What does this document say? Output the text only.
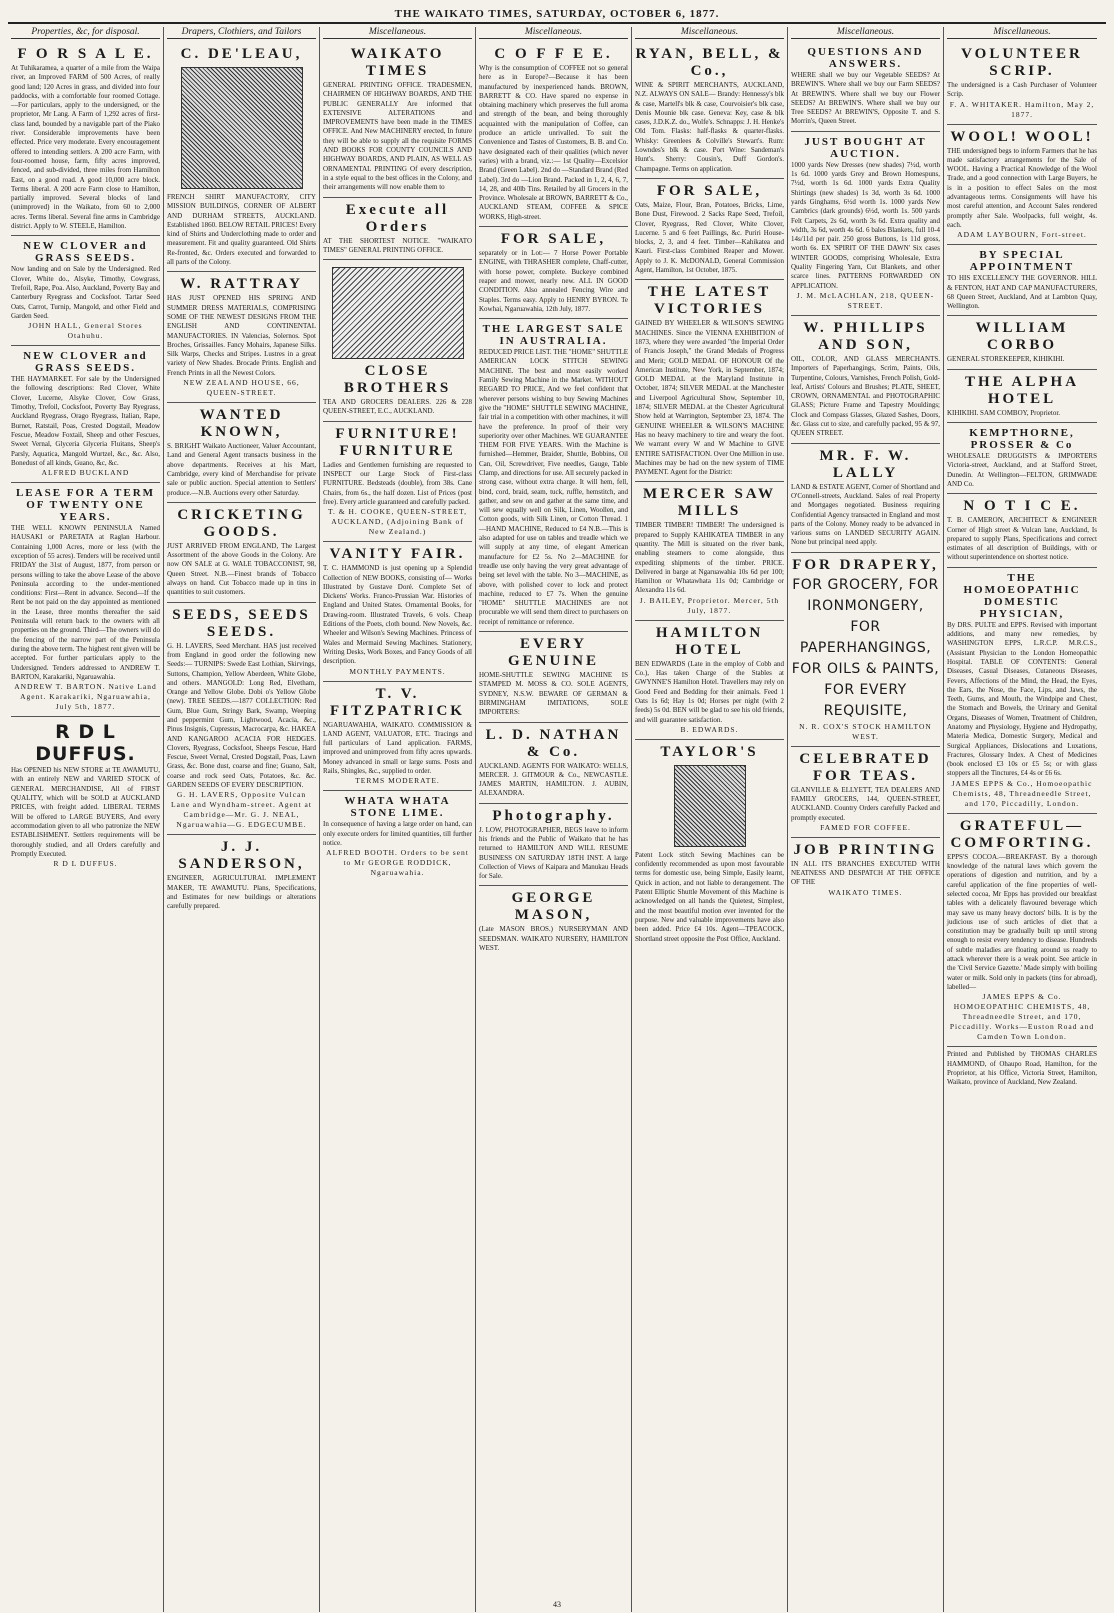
THE WAIKATO TIMES, SATURDAY, OCTOBER 6, 1877.
Properties, &c, for disposal.
F O R S A L E.
At Tuhikaramea, a quarter of a mile from the Waipa river, an Improved FARM of 500 Acres, of really good land; 120 Acres in grass, and divided into four paddocks, with a comfortable four roomed Cottage.—For particulars, apply to the undersigned, or the proprietor, Mr Lang. A Farm of 1,292 acres of first-class land, bounded by a navigable part of the Piako river. Considerable improvements have been effected. Price very moderate. Every encouragement offered to intending settlers. A 200 acre Farm, with four-roomed house, farm, fifty acres improved, fenced, and sub-divided, three miles from Hamilton East, on a good road. A good 10,000 acre block. Terms liberal. A 200 acre Farm close to Hamilton, partially improved. Several blocks of land (unimproved) in the Waikato, from 60 to 2,000 acres. Terms liberal. Several fine arms in Cambridge district. Apply to W. STEELE, Hamilton.
NEW CLOVER and GRASS SEEDS.
Now landing and on Sale by the Undersigned. Red Clover, White do., Alsyke, Timothy, Cowgrass, Trefoil, Rape, Poa. Also, Auckland, Poverty Bay and Canterbury Ryegrass and Cocksfoot. Tartar Seed Oats, Carrot, Turnip, Mangold, and other Field and Garden Seed.
JOHN HALL, General Stores Otahuhu.
NEW CLOVER and GRASS SEEDS.
THE HAYMARKET. For sale by the Undersigned the following descriptions: Red Clover, White Clover, Lucerne, Alsyke Clover, Cow Grass, Timothy, Trefoil, Cocksfoot, Poverty Bay Ryegrass, Auckland Ryegrass, Orago Ryegrass, Italian, Rape, Burnet, Ratstail, Poas, Crested Dogstail, Meadow Fescue, Meadow Foxtail, Sheep and other Fescues, Sweet Vernal, Glyceria Glyceria Fluitans, Sheep's Parsly, Aquatica, Mangold Wurtzel, &c., &c. Also, Bonedust of all kinds, Guano, &c, &c.
ALFRED BUCKLAND
LEASE FOR A TERM OF TWENTY ONE YEARS.
THE WELL KNOWN PENINSULA Named HAUSAKI or PARETATA at Raglan Harbour. Containing 1,000 Acres, more or less (with the exception of 55 acres). Tenders will be received until FRIDAY the 31st of August, 1877, from person or persons willing to take the above Lease of the above Peninsula according to the under-mentioned conditions: First—Rent in advance. Second—If the Rent be not paid on the day appointed as mentioned in the Lease, three months thereafter the said Peninsula will return back to the owners with all properties on the ground. Third—The owners will do the fencing of the narrow part of the Peninsula during the above term. The highest rent given will be accepted. For further particulars apply to the Undersigned. Tenders addressed to ANDREW T. BARTON, Karakariki, Ngaruawahia.
ANDREW T. BARTON. Native Land Agent. Karakariki, Ngaruawahia, July 5th, 1877.
R D L DUFFUS.
Has OPENED his NEW STORE at TE AWAMUTU, with an entirely NEW and VARIED STOCK of GENERAL MERCHANDISE, All of FIRST QUALITY, which will be SOLD at AUCKLAND PRICES, with freight added. LIBERAL TERMS Will be offered to LARGE BUYERS, And every accommodation given to all who patronize the NEW ESTABLISHMENT. Settlers requirements will be thoroughly studied, and all Orders carefully and Promptly Executed.
R D L DUFFUS.
Drapers, Clothiers, and Tailors
C. DE'LEAU,
FRENCH SHIRT MANUFACTORY, CITY MISSION BUILDINGS, CORNER OF ALBERT AND DURHAM STREETS, AUCKLAND. Established 1860. BELOW RETAIL PRICES! Every kind of Shirts and Underclothing made to order and measurement. Fit and quality guaranteed. Old Shirts Re-fronted, &c. Orders executed and forwarded to all parts of the Colony.
W. RATTRAY
HAS JUST OPENED HIS SPRING AND SUMMER DRESS MATERIALS, COMPRISING SOME OF THE NEWEST DESIGNS FROM THE ENGLISH AND CONTINENTAL MANUFACTORIES. IN Valencias, Solernos. Spot Broches, Grissailles. Fancy Mohairs, Japanese Silks. Silk Warps, Checks and Stripes. Lustres in a great variety of New Shades. Brocade Prints. English and French Prints in all the Newest Colors.
NEW ZEALAND HOUSE, 66, QUEEN-STREET.
WANTED KNOWN,
S. BRIGHT Waikato Auctioneer, Valuer Accountant, Land and General Agent transacts business in the above departments. Receives at his Mart, Cambridge, every kind of Merchandise for private sale or public auction. Special attention to Settlers' produce.—N.B. Auctions every other Saturday.
CRICKETING GOODS.
JUST ARRIVED FROM ENGLAND, The Largest Assortment of the above Goods in the Colony. Are now ON SALE at G. WALE TOBACCONIST, 98, Queen Street. N.B.—Finest brands of Tobacco always on hand. Cut Tobacco made up in tins in quantities to suit customers.
SEEDS, SEEDS SEEDS.
G. H. LAVERS, Seed Merchant. HAS just received from England in good order the following new Seeds:— TURNIPS: Swede East Lothian, Skirvings, Suttons, Champion, Yellow Aberdeen, White Globe, and others. MANGOLD: Long Red, Elvetham, Orange and Yellow Globe. Dobi o's Yellow Globe (new). TREE SEEDS.—1877 COLLECTION: Red Gum, Blue Gum, Stringy Bark, Swamp, Weeping and peppermint Gum, Lightwood, Acacia, &c., Pinus Insignis, Cupressus, Macrocarpa, &c. HAKEA AND KANGAROO ACACIA FOR HEDGES. Clovers, Ryegrass, Cocksfoot, Sheeps Fescue, Hard Fescue, Sweet Vernal, Crested Dogstail, Poas, Lawn Grass, &c. Bone dust, coarse and fine; Guano, Salt, coarse and rock seed Oats, Potatoes, &c. &c. GARDEN SEEDS OF EVERY DESCRIPTION.
G. H. LAVERS, Opposite Vulcan Lane and Wyndham-street. Agent at Cambridge—Mr. G. J. NEAL, Ngaruawahia—G. EDGECUMBE.
J. J. SANDERSON,
ENGINEER, AGRICULTURAL IMPLEMENT MAKER, TE AWAMUTU. Plans, Specifications, and Estimates for new buildings or alterations carefully prepared.
Miscellaneous.
WAIKATO TIMES
GENERAL PRINTING OFFICE. TRADESMEN, CHAIRMEN OF HIGHWAY BOARDS, AND THE PUBLIC GENERALLY Are informed that EXTENSIVE ALTERATIONS and IMPROVEMENTS have been made in the TIMES OFFICE. And New MACHINERY erected, In future they will be able to supply all the requisite FORMS AND BOOKS FOR COUNTY COUNCILS AND HIGHWAY BOARDS, AND PLAIN, AS WELL AS ORNAMENTAL PRINTING Of every description, in a style equal to the best offices in the Colony, and their arrangements will now enable them to
Execute all Orders
AT THE SHORTEST NOTICE. "WAIKATO TIMES" GENERAL PRINTING OFFICE.
CLOSE BROTHERS
TEA AND GROCERS DEALERS. 226 & 228 QUEEN-STREET, E.C., AUCKLAND.
FURNITURE! FURNITURE
Ladies and Gentlemen furnishing are requested to INSPECT our Large Stock of First-class FURNITURE. Bedsteads (double), from 38s. Cane Chairs, from 6s., the half dozen. List of Prices (post free). Every article guaranteed and carefully packed.
T. & H. COOKE, QUEEN-STREET, AUCKLAND, (Adjoining Bank of New Zealand.)
VANITY FAIR.
T. C. HAMMOND is just opening up a Splendid Collection of NEW BOOKS, consisting of— Works Illustrated by Gustave Doré. Complete Set of Dickens' Works. Franco-Prussian War. Histories of England and United States. Ornamental Books, for Drawing-room. Illustrated Travels, 6 vols. Cheap Editions of the Poets, cloth bound. New Novels, &c. Wheeler and Wilson's Sewing Machines. Princess of Wales and Mermaid Sewing Machines. Stationery, Writing Desks, Work Boxes, and Fancy Goods of all description.
MONTHLY PAYMENTS.
T. V. FITZPATRICK
NGARUAWAHIA, WAIKATO. COMMISSION & LAND AGENT, VALUATOR, ETC. Tracings and full particulars of Land application. FARMS, improved and unimproved from fifty acres upwards. Money advanced in small or large sums. Posts and Rails, Shingles, &c., supplied to order.
TERMS MODERATE.
WHATA WHATA STONE LIME.
In consequence of having a large order on hand, can only execute orders for limited quantities, till further notice.
ALFRED BOOTH. Orders to be sent to Mr GEORGE RODDICK, Ngaruawahia.
Miscellaneous.
C O F F E E.
Why is the consumption of COFFEE not so general here as in Europe?—Because it has been manufactured by inexperienced hands. BROWN, BARRETT & CO. Have spared no expense in obtaining machinery which preserves the full aroma and strength of the bean, and being thoroughly acquainted with the manipulation of Coffee, can produce an article unrivalled. To suit the Convenience and Tastes of Customers, B. B. and Co. have designated each of their qualities (which never varies) with a brand, viz.:— 1st Quality—Excelsior Brand (Green Label). 2nd do —Standard Brand (Red Label). 3rd do —Lion Brand. Packed in 1, 2, 4, 6, 7, 14, 28, and 40lb Tins. Retailed by all Grocers in the Province. Wholesale at BROWN, BARRETT & Co., AUCKLAND STEAM, COFFEE & SPICE WORKS, High-street.
FOR SALE,
separately or in Lot:— 7 Horse Power Portable ENGINE, with THRASHER complete, Chaff-cutter, with horse power, complete. Buckeye combined reaper and mower, nearly new. ALL IN GOOD CONDITION. Also annealed Fencing Wire and Staples. Terms easy. Apply to HENRY BYRON. Te Kowhai, Ngaruawahia, 12th July, 1877.
THE LARGEST SALE IN AUSTRALIA.
REDUCED PRICE LIST. THE "HOME" SHUTTLE AMERICAN LOCK STITCH SEWING MACHINE. The best and most easily worked Family Sewing Machine in the Market. WITHOUT REGARD TO PRICE, And we feel confident that wherever persons wishing to buy Sewing Machines give the "HOME" SHUTTLE SEWING MACHINE, fair trial in a competition with other machines, it will have the preference. In proof of their very superiority over other Machines. WE GUARANTEE THEM FOR FIVE YEARS. With the Machine is furnished—Hemmer, Braider, Shuttle, Bobbins, Oil Can, Oil, Screwdriver, Five needles, Gauge, Table Clamp, and directions for use. All securely packed in strong case, without extra charge. It will hem, fell, bind, cord, braid, seam, tuck, ruffle, hemstitch, and gather, and sew on and gather at the same time, and will sew equally well on Silk, Linen, Woollen, and Cotton goods, with Silk Linen, or Cotton Thread. 1—HAND MACHINE, Reduced to £4 N.B.—This is also adapted for use on tables and treadle which we will supply at any time, of elegant American manufacture for £2 5s. No 2—MACHINE for treadle use only having the very great advantage of being set level with the table. No 3—MACHINE, as above, with polished cover to lock and protect machine, reduced to £7 7s. When the genuine "HOME" SHUTTLE MACHINES are not procurable we will send them direct to purchasers on receipt of remittance or reference.
EVERY GENUINE
HOME-SHUTTLE SEWING MACHINE IS STAMPED M. MOSS & CO. SOLE AGENTS, SYDNEY, N.S.W. BEWARE OF GERMAN & BIRMINGHAM IMITATIONS, SOLE IMPORTERS:
L. D. NATHAN & Co.
AUCKLAND. AGENTS FOR WAIKATO: WELLS, MERCER. J. GITMOUR & Co., NEWCASTLE. JAMES MARTIN, HAMILTON. J. AUBIN, ALEXANDRA.
Photography.
J. LOW, PHOTOGRAPHER, BEGS leave to inform his friends and the Public of Waikato that he has returned to HAMILTON AND WILL RESUME BUSINESS ON SATURDAY 18TH INST. A large Collection of Views of Kaipara and Manukau Heads for Sale.
GEORGE MASON,
(Late MASON BROS.) NURSERYMAN AND SEEDSMAN. WAIKATO NURSERY, HAMILTON WEST.
Miscellaneous.
RYAN, BELL, & Co.,
WINE & SPIRIT MERCHANTS, AUCKLAND, N.Z. ALWAYS ON SALE— Brandy: Hennessy's blk & case, Martell's blk & case, Courvoisier's blk case, Denis Mounie blk case. Geneva: Key, case & blk cases, J.D.K.Z. do., Wolfe's. Schnapps: J. H. Henke's Old Tom. Flasks: half-flasks & quarter-flasks. Whisky: Greenlees & Colville's Stewart's. Rum: Lowndes's blk & case. Port Wine: Sandeman's Hunt's. Sherry: Cousin's, Duff Gordon's. Champagne. Terms on application.
FOR SALE,
Oats, Maize, Flour, Bran, Potatoes, Bricks, Lime, Bone Dust, Firewood. 2 Sacks Rape Seed, Trefoil, Clover, Ryegrass, Red Clover, White Clover, Lucerne. 5 and 6 feet Paillings, &c. Puriri House-blocks, 2, 3, and 4 feet. Timber—Kahikatea and Kauri. First-class Combined Reaper and Mower. Apply to J. K. McDONALD, General Commission Agent, Hamilton, 1st October, 1875.
THE LATEST VICTORIES
GAINED BY WHEELER & WILSON'S SEWING MACHINES. Since the VIENNA EXHIBITION of 1873, where they were awarded "the Imperial Order of Francis Joseph," the Grand Medals of Progress and Merit; GOLD MEDAL OF HONOUR Of the American Institute, New York, in September, 1874; GOLD MEDAL at the Maryland Institute in October, 1874; SILVER MEDAL at the Manchester and Liverpool Agricultural Show, September 10, 1874; SILVER MEDAL at the Chester Agricultural Show held at Warrington, September 23, 1874. The GENUINE WHEELER & WILSON'S MACHINE Has no heavy machinery to tire and weary the foot. We warrant every W and W Machine to GIVE ENTIRE SATISFACTION. Over One Million in use. Machines may be had on the new system of TIME PAYMENT. Agent for the District:
MERCER SAW MILLS
TIMBER TIMBER! TIMBER! The undersigned is prepared to Supply KAHIKATEA TIMBER in any quantity. The Mill is situated on the river bank, enabling steamers to come alongside, thus expediting shipments of the timber. PRICE. Delivered in barge at Ngaruawahia 10s 6d per 100; Hamilton or Whatawhata 11s 0d; Cambridge or Alexandra 11s 6d.
J. BAILEY, Proprietor. Mercer, 5th July, 1877.
HAMILTON HOTEL
BEN EDWARDS (Late in the employ of Cobb and Co.), Has taken Charge of the Stables at GWYNNE'S Hamilton Hotel. Travellers may rely on Good Feed and Bedding for their animals. Feed 1 Oats 1s 6d; Hay 1s 0d; Horses per night (with 2 feeds) 5s 0d. BEN will be glad to see his old friends, and will guarantee satisfaction.
B. EDWARDS.
TAYLOR'S
Patent Lock stitch Sewing Machines can be confidently recommended as upon most favourable terms for domestic use, being Simple, Easily learnt, Quick in action, and not liable to derangement. The Patent Elliptic Shuttle Movement of this Machine is acknowledged on all hands the Quietest, Simplest, and the most beautiful motion ever invented for the purpose. New and valuable improvements have also been added. Price £4 10s. Agent—TPEACOCK, Shortland street opposite the Post Office, Auckland.
Miscellaneous.
QUESTIONS AND ANSWERS.
WHERE shall we buy our Vegetable SEEDS? At BREWIN'S. Where shall we buy our Farm SEEDS? At BREWIN'S. Where shall we buy our Flower SEEDS? At BREWIN'S. Where shall we buy our Tree SEEDS? At BREWIN'S, Opposite T. and S. Morrin's, Queen Street.
JUST BOUGHT AT AUCTION.
1000 yards New Dresses (new shades) 7½d, worth 1s 6d. 1000 yards Grey and Brown Homespuns, 7½d, worth 1s 6d. 1000 yards Extra Quality Shirtings (new shades) 1s 3d, worth 3s 6d. 1000 yards Ginghams, 6½d worth 1s. 1000 yards New Cambrics (dark grounds) 6½d, worth 1s. 500 yards Felt Carpets, 2s 6d, worth 3s 6d. Extra quality and width, 3s 6d, worth 4s 6d. 6 bales Blankets, full 10-4 14s/11d per pair. 250 gross Buttons, 1s 11d gross, worth 6s. EX 'SPIRIT OF THE DAWN' Six cases WINTER GOODS, comprising Wholesale, Extra Quality Fingering Yarn, Cut Blankets, and other scarce lines. PATTERNS FORWARDED ON APPLICATION.
J. M. McLACHLAN, 218, QUEEN-STREET.
W. PHILLIPS AND SON,
OIL, COLOR, AND GLASS MERCHANTS. Importers of Paperhangings, Scrim, Paints, Oils, Turpentine, Colours, Varnishes, French Polish, Gold-leaf, Artists' Colours and Brushes; PLATE, SHEET, CROWN, ORNAMENTAL and PHOTOGRAPHIC GLASS; Picture Frame and Tapestry Mouldings; Clock and Compass Glasses, Glazed Sashes, Doors, &c. Glass cut to size, and carefully packed, 95 & 97, QUEEN STREET.
MR. F. W. LALLY
LAND & ESTATE AGENT, Corner of Shortland and O'Connell-streets, Auckland. Sales of real Property and Mortgages negotiated. Business requiring Confidential Agency transacted in England and most parts of the Colony. Money ready to be advanced in various sums on LANDED SECURITY AGAIN. None but principal need apply.
FOR DRAPERY,
FOR GROCERY, FOR IRONMONGERY, FOR PAPERHANGINGS, FOR OILS & PAINTS, FOR EVERY REQUISITE,
N. R. COX'S STOCK HAMILTON WEST.
CELEBRATED FOR TEAS.
GLANVILLE & ELLYETT, TEA DEALERS AND FAMILY GROCERS, 144, QUEEN-STREET, AUCKLAND. Country Orders carefully Packed and promptly executed.
FAMED FOR COFFEE.
JOB PRINTING
IN ALL ITS BRANCHES EXECUTED WITH NEATNESS AND DESPATCH AT THE OFFICE OF THE
WAIKATO TIMES.
Miscellaneous.
VOLUNTEER SCRIP.
The undersigned is a Cash Purchaser of Volunteer Scrip.
F. A. WHITAKER. Hamilton, May 2, 1877.
WOOL! WOOL!
THE undersigned begs to inform Farmers that he has made satisfactory arrangements for the Sale of WOOL. Having a Practical Knowledge of the Wool Trade, and a good connection with Large Buyers, he is in a position to effect Sales on the most advantageous terms. Consignments will have his most careful attention, and Account Sales rendered promptly after Sale. Woolpacks, full weight, 4s. each.
ADAM LAYBOURN, Fort-street.
BY SPECIAL APPOINTMENT
TO HIS EXCELLENCY THE GOVERNOR. HILL & FENTON, HAT AND CAP MANUFACTURERS, 68 Queen Street, Auckland, And at Lambton Quay, Wellington.
WILLIAM CORBO
GENERAL STOREKEEPER, KIHIKIHI.
THE ALPHA HOTEL
KIHIKIHI. SAM COMBOY, Proprietor.
KEMPTHORNE, PROSSER & Co
WHOLESALE DRUGGISTS & IMPORTERS Victoria-street, Auckland, and at Stafford Street, Dunedin. At Wellington—FELTON, GRIMWADE AND Co.
N O T I C E.
T. B. CAMERON, ARCHITECT & ENGINEER Corner of High street & Vulcan lane, Auckland, Is prepared to supply Plans, Specifications and correct estimates of all description of Buildings, with or without superintendence on shortest notice.
THE HOMOEOPATHIC DOMESTIC PHYSICIAN,
By DRS. PULTE and EPPS. Revised with important additions, and many new remedies, by WASHINGTON EPPS, L.R.C.P. M.R.C.S., (Assistant Physician to the London Homeopathic Hospital. TABLE OF CONTENTS: General Diseases, Casual Diseases, Cutaneous Diseases, Fevers, Affections of the Mind, the Head, the Eyes, the Ears, the Nose, the Face, Lips, and Jaws, the Teeth, Gums, and Mouth, the Windpipe and Chest, the Stomach and Bowels, the Urinary and Genital Organs, Diseases of Women, Treatment of Children, Anatomy and Physiology, Hygiene and Hydropathy, Materia Medica, Domestic Surgery, Medical and Surgical Appliances, Dislocations and Luxations, Fractures, Glossary Index. A Chest of Medicines (book enclosed £3 10s or £5 5s; or with glass stoppers all the Tinctures, £4 4s or £6 6s.
JAMES EPPS & Co., Homoeopathic Chemists, 48, Threadneedle Street, and 170, Piccadilly, London.
GRATEFUL—COMFORTING.
EPPS'S COCOA.—BREAKFAST. By a thorough knowledge of the natural laws which govern the operations of digestion and nutrition, and by a careful application of the fine properties of well-selected cocoa, Mr Epps has provided our breakfast tables with a delicately flavoured beverage which may save us many heavy doctors' bills. It is by the judicious use of such articles of diet that a constitution may be gradually built up until strong enough to resist every tendency to disease. Hundreds of subtle maladies are floating around us ready to attack wherever there is a weak point. See article in the 'Civil Service Gazette.' Made simply with boiling water or milk. Sold only in packets (tins for abroad), labelled—
JAMES EPPS & Co. HOMOEOPATHIC CHEMISTS, 48, Threadneedle Street, and 170, Piccadilly. Works—Euston Road and Camden Town London.
Printed and Published by THOMAS CHARLES HAMMOND, of Ohaupo Road, Hamilton, for the Proprietor, at his Office, Victoria Street, Hamilton, Waikato, province of Auckland, New Zealand.
43
